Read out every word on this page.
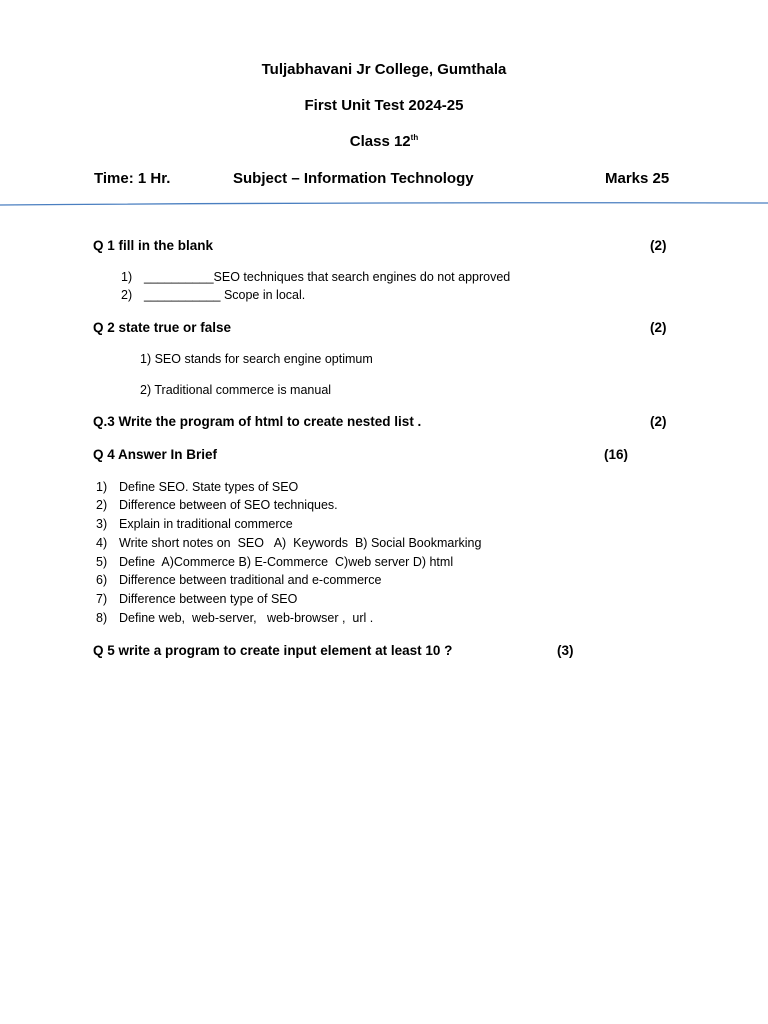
Tuljabhavani Jr College, Gumthala
First Unit Test 2024-25
Class 12th
Time: 1 Hr.	Subject – Information Technology	Marks 25
Q 1 fill in the blank	(2)
1) __________SEO techniques that search engines do not approved
2) ___________ Scope in local.
Q 2 state true or false	(2)
1) SEO stands for search engine optimum
2) Traditional commerce is manual
Q.3 Write the program of html to create nested list .	(2)
Q 4 Answer In Brief	(16)
1) Define SEO. State types of SEO
2) Difference between of SEO techniques.
3) Explain in traditional commerce
4) Write short notes on  SEO   A)  Keywords  B) Social Bookmarking
5) Define  A)Commerce B) E-Commerce  C)web server D) html
6) Difference between traditional and e-commerce
7) Difference between type of SEO
8) Define web,  web-server,   web-browser ,  url .
Q 5 write a program to create input element at least 10 ?	(3)
